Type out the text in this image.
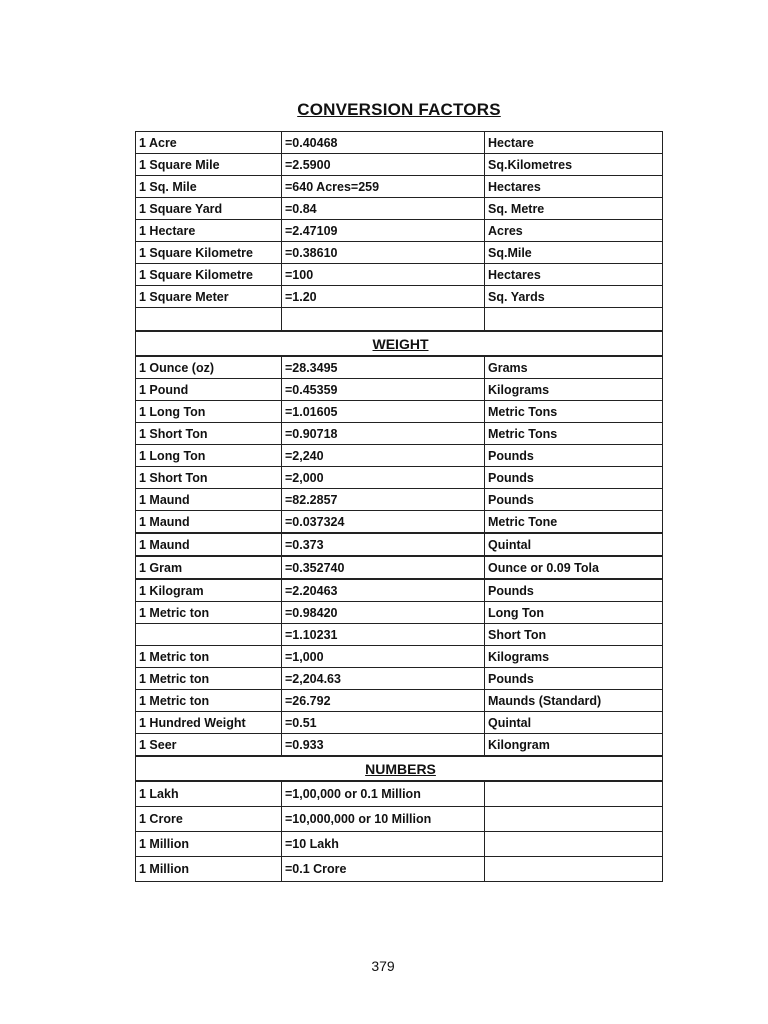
CONVERSION FACTORS
1 Acre	=0.40468	Hectare
1 Square Mile	=2.5900	Sq.Kilometres
1 Sq. Mile	=640 Acres=259	Hectares
1 Square Yard	=0.84	Sq. Metre
1 Hectare	=2.47109	Acres
1 Square Kilometre	=0.38610	Sq.Mile
1 Square Kilometre	=100	Hectares
1 Square Meter	=1.20	Sq. Yards

WEIGHT		
1 Ounce (oz)	=28.3495	Grams
1 Pound	=0.45359	Kilograms
1 Long Ton	=1.01605	Metric Tons
1 Short Ton	=0.90718	Metric Tons
1 Long Ton	=2,240	Pounds
1 Short Ton	=2,000	Pounds
1 Maund	=82.2857	Pounds
1 Maund	=0.037324	Metric Tone
1 Maund	=0.373	Quintal
1 Gram	=0.352740	Ounce or 0.09 Tola
1 Kilogram	=2.20463	Pounds
1 Metric ton	=0.98420	Long Ton
	=1.10231	Short Ton
1 Metric ton	=1,000	Kilograms
1 Metric ton	=2,204.63	Pounds
1 Metric ton	=26.792	Maunds (Standard)
1 Hundred Weight	=0.51	Quintal
1 Seer	=0.933	Kilongram
NUMBERS		
1 Lakh	=1,00,000 or 0.1 Million	
1 Crore	=10,000,000 or 10 Million	
1 Million	=10 Lakh	
1 Million	=0.1 Crore	
379
